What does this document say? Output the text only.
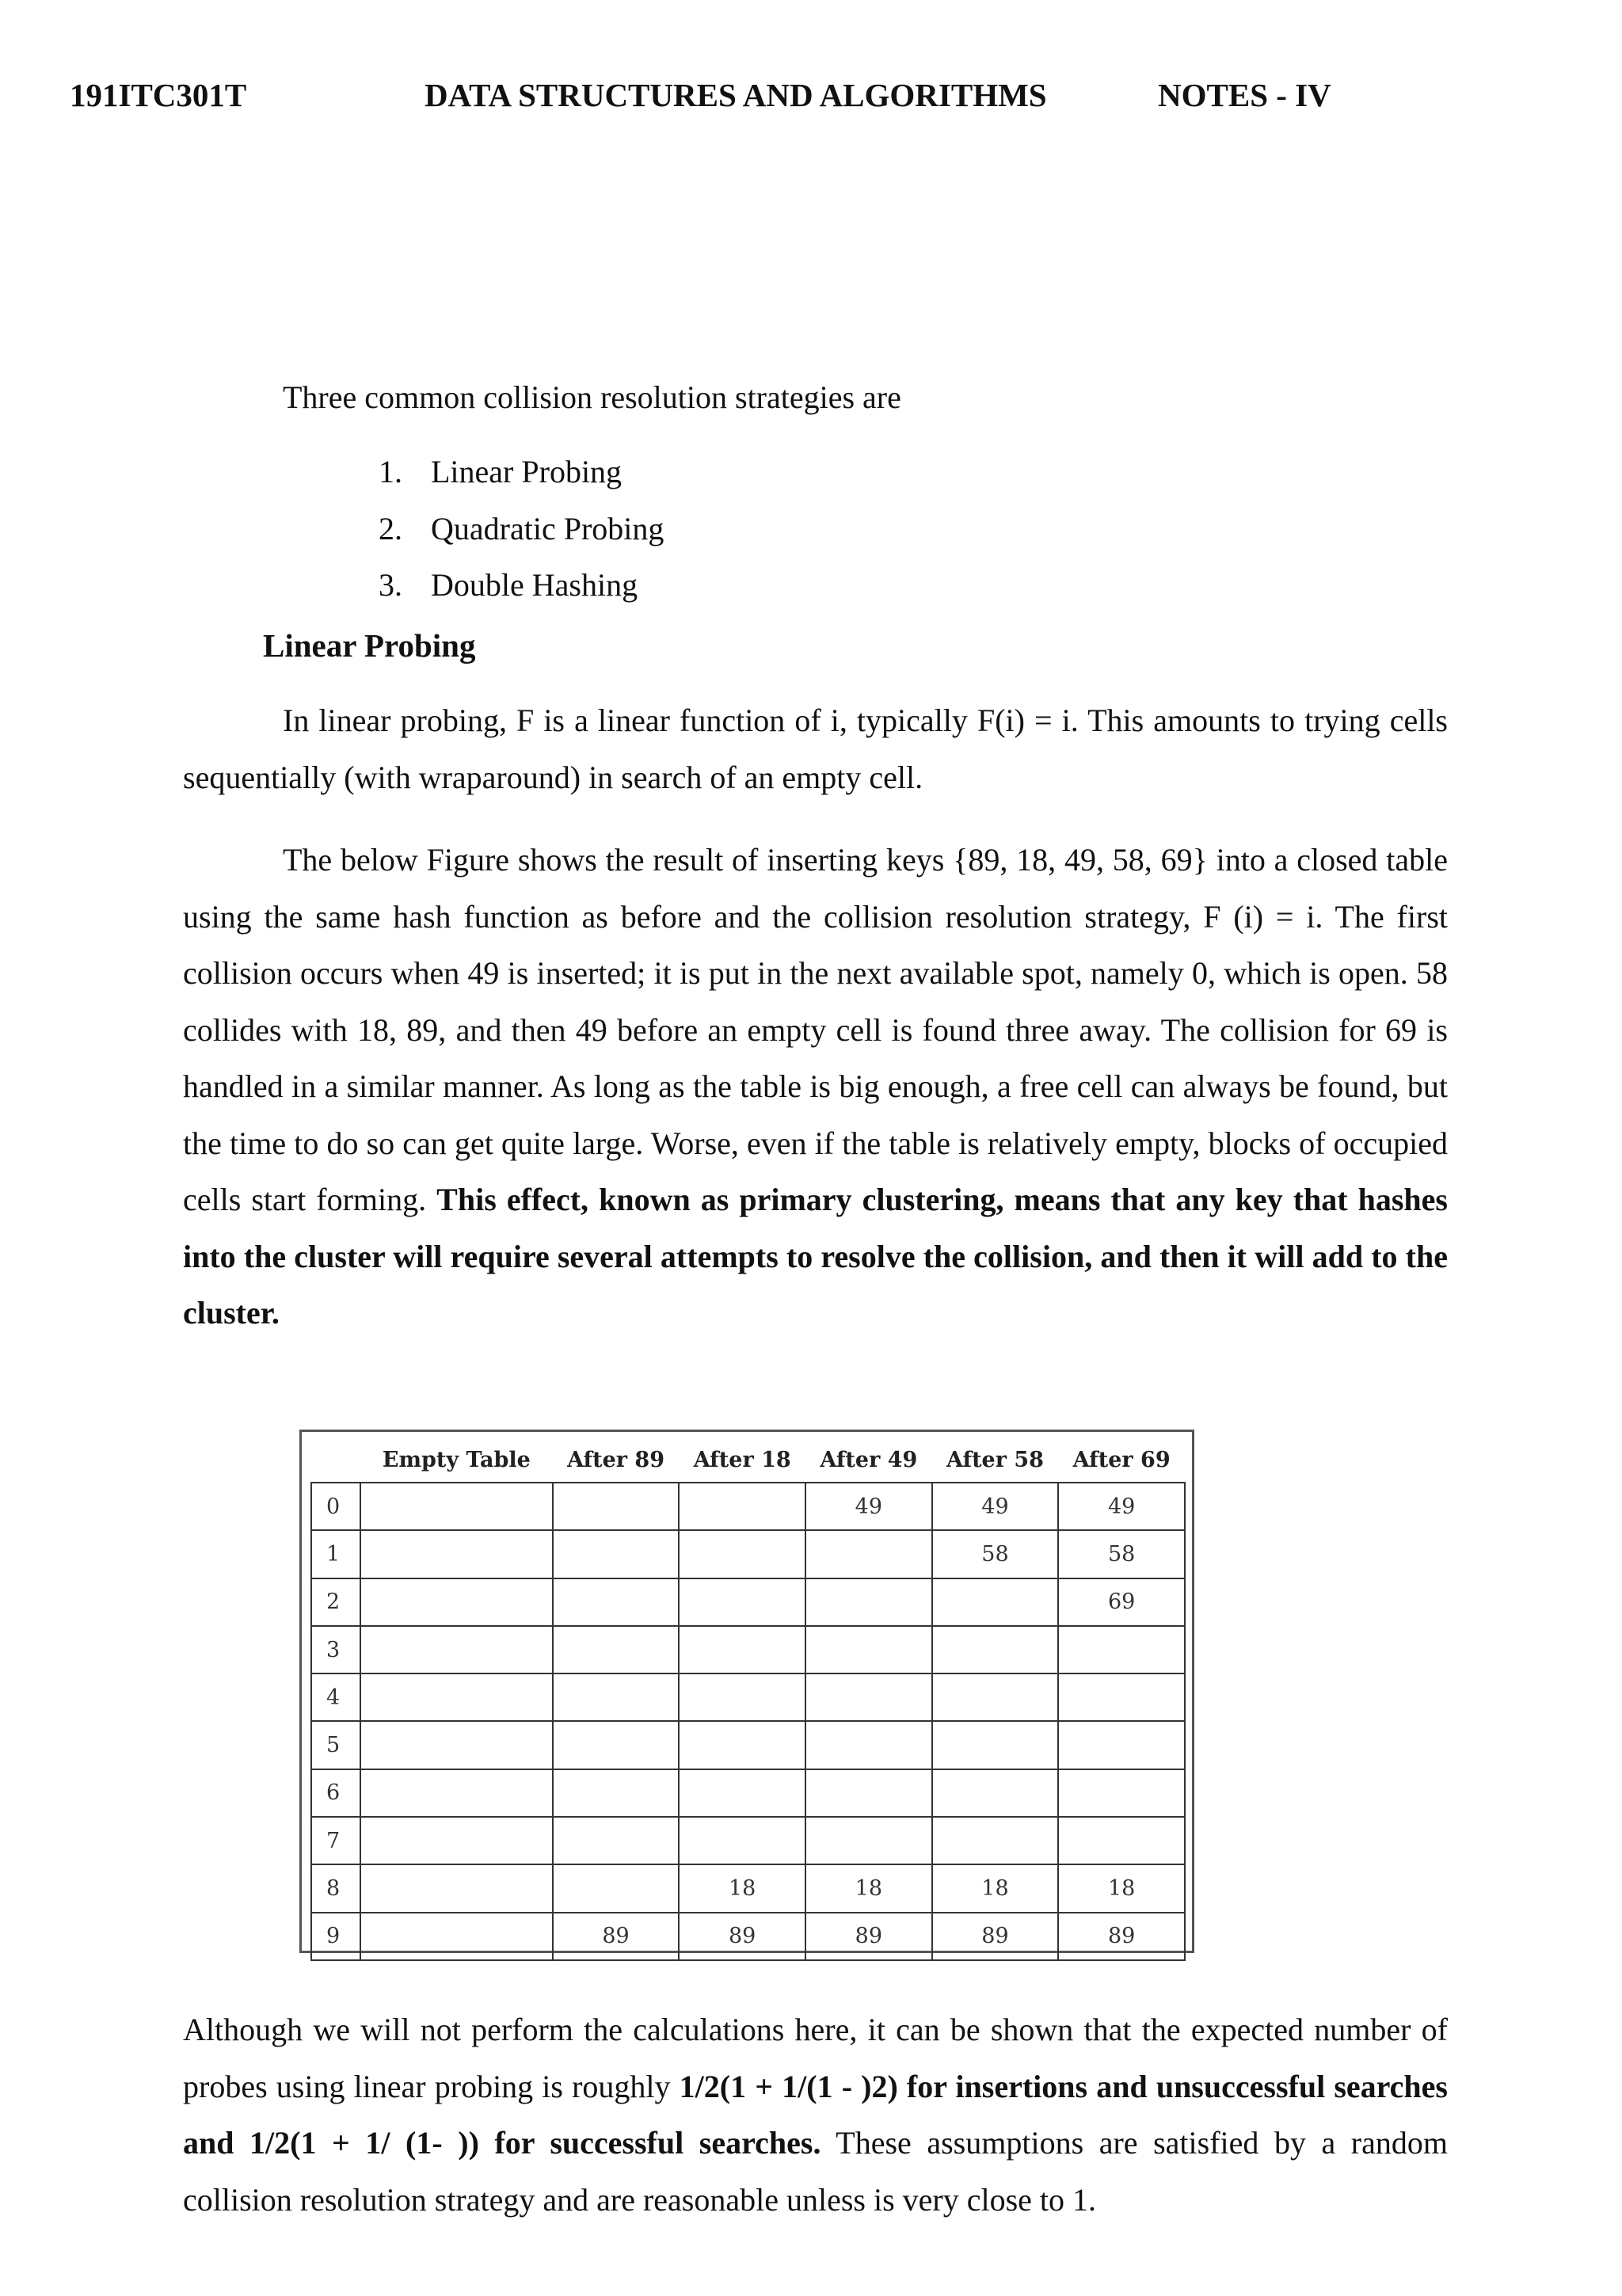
191ITC301T	DATA STRUCTURES AND ALGORITHMS	NOTES - IV
Three common collision resolution strategies are
1. Linear Probing
2. Quadratic Probing
3. Double Hashing
Linear Probing

In linear probing, F is a linear function of i, typically F(i) = i. This amounts to trying cells sequentially (with wraparound) in search of an empty cell.

The below Figure shows the result of inserting keys {89, 18, 49, 58, 69} into a closed table using the same hash function as before and the collision resolution strategy, F (i) = i. The first collision occurs when 49 is inserted; it is put in the next available spot, namely 0, which is open. 58 collides with 18, 89, and then 49 before an empty cell is found three away. The collision for 69 is handled in a similar manner. As long as the table is big enough, a free cell can always be found, but the time to do so can get quite large. Worse, even if the table is relatively empty, blocks of occupied cells start forming. This effect, known as primary clustering, means that any key that hashes into the cluster will require several attempts to resolve the collision, and then it will add to the cluster.

	Empty Table	After 89	After 18	After 49	After 58	After 69
0				49	49	49
1					58	58
2						69
3						
4						
5						
6						
7						
8			18	18	18	18
9		89	89	89	89	89

Although we will not perform the calculations here, it can be shown that the expected number of probes using linear probing is roughly 1/2(1 + 1/(1 - )2) for insertions and unsuccessful searches and 1/2(1 + 1/ (1- )) for successful searches. These assumptions are satisfied by a random collision resolution strategy and are reasonable unless is very close to 1.
